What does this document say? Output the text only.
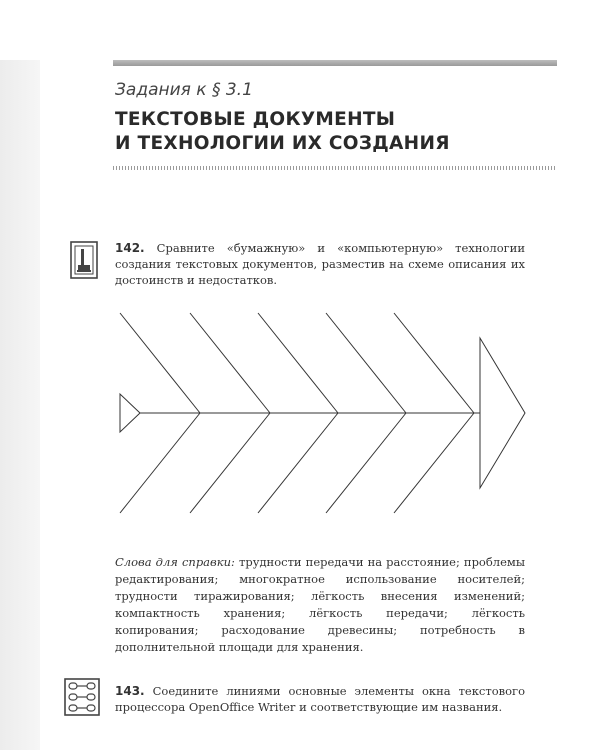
Задания к § 3.1

ТЕКСТОВЫЕ ДОКУМЕНТЫ
И ТЕХНОЛОГИИ ИХ СОЗДАНИЯ

142. Сравните «бумажную» и «компьютерную» технологии создания текстовых документов, разместив на схеме описания их достоинств и недостатков.

Слова для справки: трудности передачи на расстояние; проблемы редактирования; многократное использование носителей; трудности тиражирования; лёгкость внесения изменений; компактность хранения; лёгкость передачи; лёгкость копирования; расходование древесины; потребность в дополнительной площади для хранения.

143. Соедините линиями основные элементы окна текстового процессора OpenOffice Writer и соответствующие им названия.
